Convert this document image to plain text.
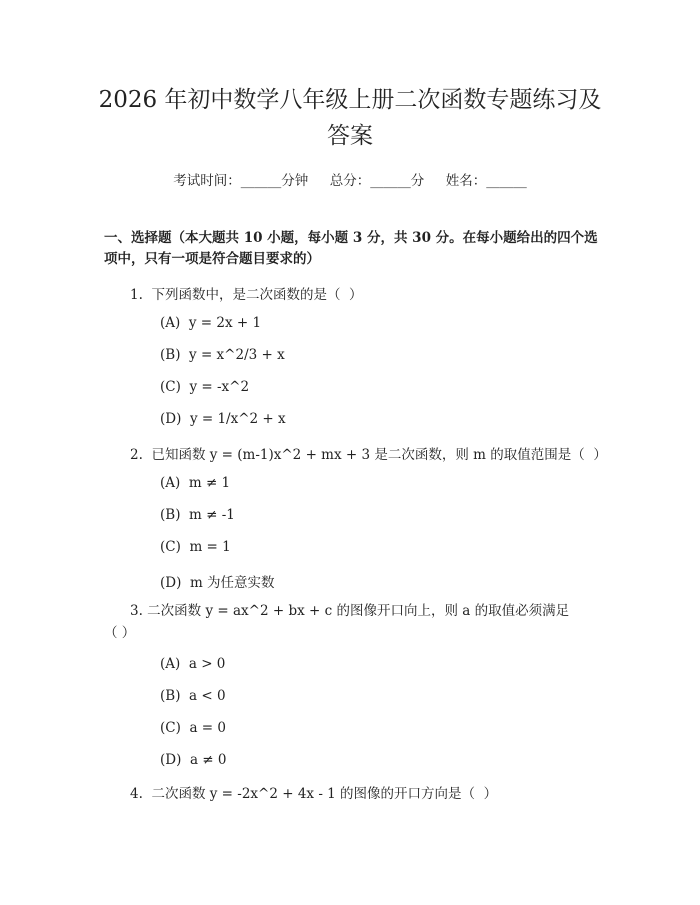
2026 年初中数学八年级上册二次函数专题练习及答案
考试时间：______分钟     总分：______分     姓名：______
一、选择题（本大题共 10 小题，每小题 3 分，共 30 分。在每小题给出的四个选项中，只有一项是符合题目要求的）
1.  下列函数中，是二次函数的是（  ）
(A)  y = 2x + 1
(B)  y = x^2/3 + x
(C)  y = -x^2
(D)  y = 1/x^2 + x
2.  已知函数 y = (m-1)x^2 + mx + 3 是二次函数，则 m 的取值范围是（  ）
(A)  m ≠ 1
(B)  m ≠ -1
(C)  m = 1
(D)  m 为任意实数
3. 二次函数 y = ax^2 + bx + c 的图像开口向上，则 a 的取值必须满足（ ）
(A)  a > 0
(B)  a < 0
(C)  a = 0
(D)  a ≠ 0
4.  二次函数 y = -2x^2 + 4x - 1 的图像的开口方向是（  ）
